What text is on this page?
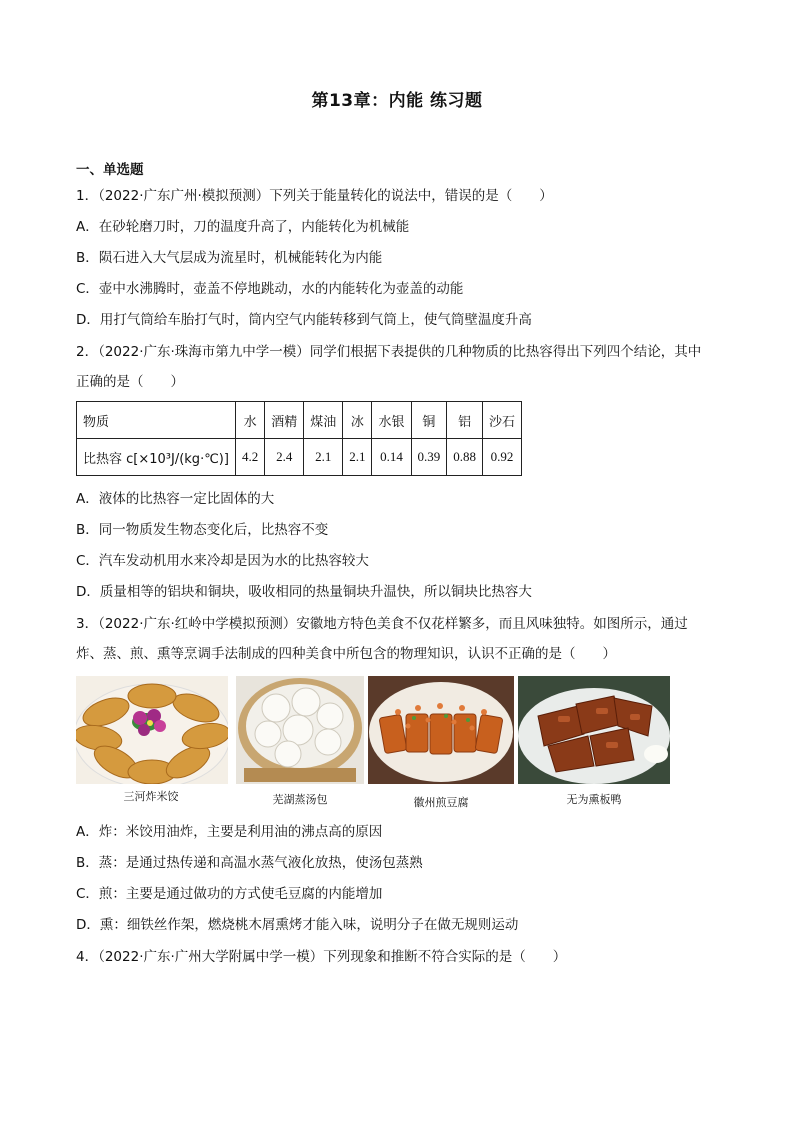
第13章：内能 练习题
一、单选题
1．（2022·广东广州·模拟预测）下列关于能量转化的说法中，错误的是（　　）
A．在砂轮磨刀时，刀的温度升高了，内能转化为机械能
B．陨石进入大气层成为流星时，机械能转化为内能
C．壶中水沸腾时，壶盖不停地跳动，水的内能转化为壶盖的动能
D．用打气筒给车胎打气时，筒内空气内能转移到气筒上，使气筒壁温度升高
2．（2022·广东·珠海市第九中学一模）同学们根据下表提供的几种物质的比热容得出下列四个结论，其中
正确的是（　　）
物质	水	酒精	煤油	冰	水银	铜	铝	沙石
比热容 c[×10³J/(kg·℃)]	4.2	2.4	2.1	2.1	0.14	0.39	0.88	0.92
A．液体的比热容一定比固体的大
B．同一物质发生物态变化后，比热容不变
C．汽车发动机用水来冷却是因为水的比热容较大
D．质量相等的铝块和铜块，吸收相同的热量铜块升温快，所以铜块比热容大
3．（2022·广东·红岭中学模拟预测）安徽地方特色美食不仅花样繁多，而且风味独特。如图所示，通过
炸、蒸、煎、熏等烹调手法制成的四种美食中所包含的物理知识，认识不正确的是（　　）
三河炸米饺	芜湖蒸汤包	徽州煎豆腐	无为熏板鸭
A．炸：米饺用油炸，主要是利用油的沸点高的原因
B．蒸：是通过热传递和高温水蒸气液化放热，使汤包蒸熟
C．煎：主要是通过做功的方式使毛豆腐的内能增加
D．熏：细铁丝作架，燃烧桃木屑熏烤才能入味，说明分子在做无规则运动
4．（2022·广东·广州大学附属中学一模）下列现象和推断不符合实际的是（　　）
